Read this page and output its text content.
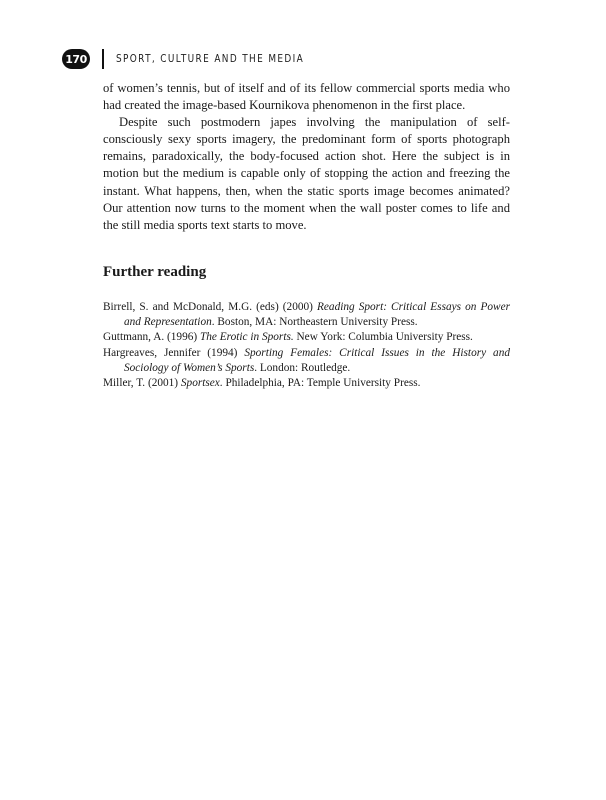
170	SPORT, CULTURE AND THE MEDIA

of women’s tennis, but of itself and of its fellow commercial sports media who had created the image-based Kournikova phenomenon in the first place.

Despite such postmodern japes involving the manipulation of self-consciously sexy sports imagery, the predominant form of sports photograph remains, paradoxically, the body-focused action shot. Here the subject is in motion but the medium is capable only of stopping the action and freezing the instant. What happens, then, when the static sports image becomes animated? Our attention now turns to the moment when the wall poster comes to life and the still media sports text starts to move.

Further reading

Birrell, S. and McDonald, M.G. (eds) (2000) Reading Sport: Critical Essays on Power and Representation. Boston, MA: Northeastern University Press.

Guttmann, A. (1996) The Erotic in Sports. New York: Columbia University Press.

Hargreaves, Jennifer (1994) Sporting Females: Critical Issues in the History and Sociology of Women’s Sports. London: Routledge.

Miller, T. (2001) Sportsex. Philadelphia, PA: Temple University Press.
